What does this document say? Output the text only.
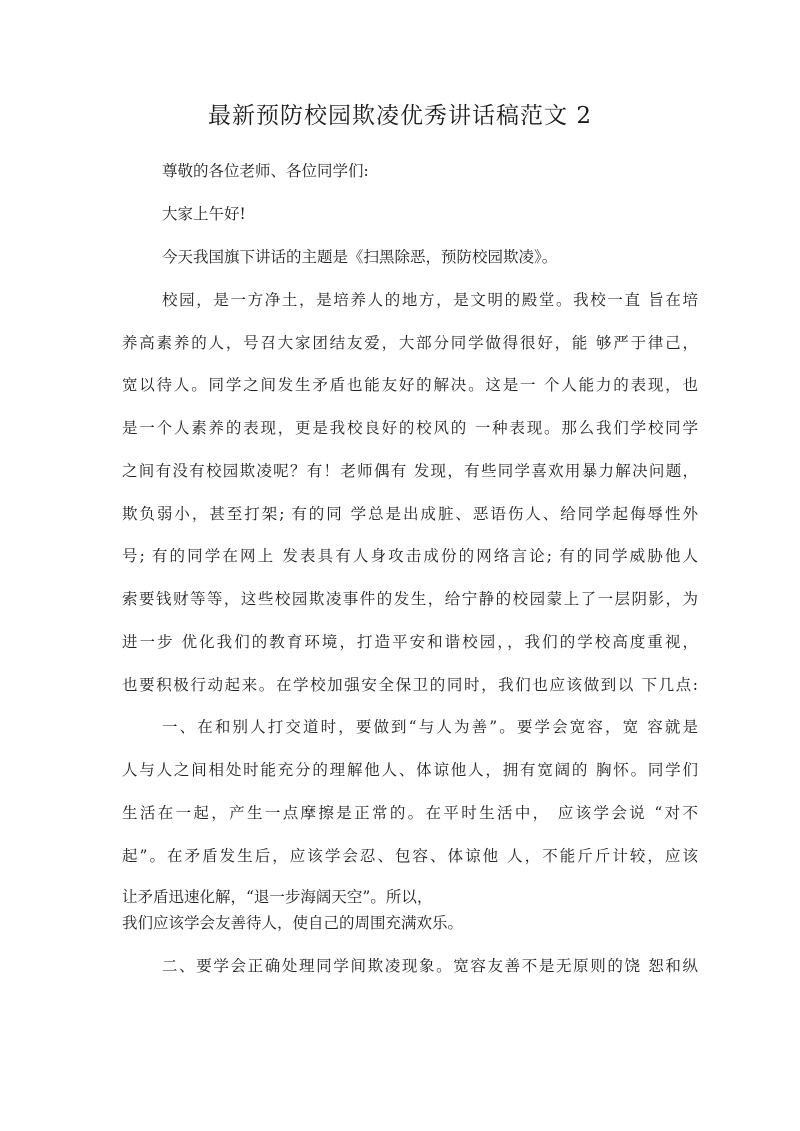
最新预防校园欺凌优秀讲话稿范文 2
尊敬的各位老师、各位同学们:
大家上午好!
今天我国旗下讲话的主题是《扫黑除恶，预防校园欺凌》。
校园，是一方净土，是培养人的地方，是文明的殿堂。我校一直 旨在培
养高素养的人，号召大家团结友爱，大部分同学做得很好，能 够严于律己，
宽以待人。同学之间发生矛盾也能友好的解决。这是一 个人能力的表现，也
是一个人素养的表现，更是我校良好的校风的 一种表现。那么我们学校同学
之间有没有校园欺凌呢？有！老师偶有 发现，有些同学喜欢用暴力解决问题，
欺负弱小，甚至打架; 有的同 学总是出成脏、恶语伤人、给同学起侮辱性外
号; 有的同学在网上 发表具有人身攻击成份的网络言论; 有的同学威胁他人
索要钱财等等，这些校园欺凌事件的发生，给宁静的校园蒙上了一层阴影，为
进一步 优化我们的教育环境，打造平安和谐校园，，我们的学校高度重视，
也要积极行动起来。在学校加强安全保卫的同时，我们也应该做到以 下几点:
一、在和别人打交道时，要做到“与人为善”。要学会宽容，宽 容就是
人与人之间相处时能充分的理解他人、体谅他人，拥有宽阔的 胸怀。同学们
生活在一起，产生一点摩擦是正常的。在平时生活中， 应该学会说 “对不
起”。在矛盾发生后，应该学会忍、包容、体谅他 人，不能斤斤计较，应该
让矛盾迅速化解，“退一步海阔天空”。所以，
我们应该学会友善待人，使自己的周围充满欢乐。
二、要学会正确处理同学间欺凌现象。宽容友善不是无原则的饶 恕和纵
